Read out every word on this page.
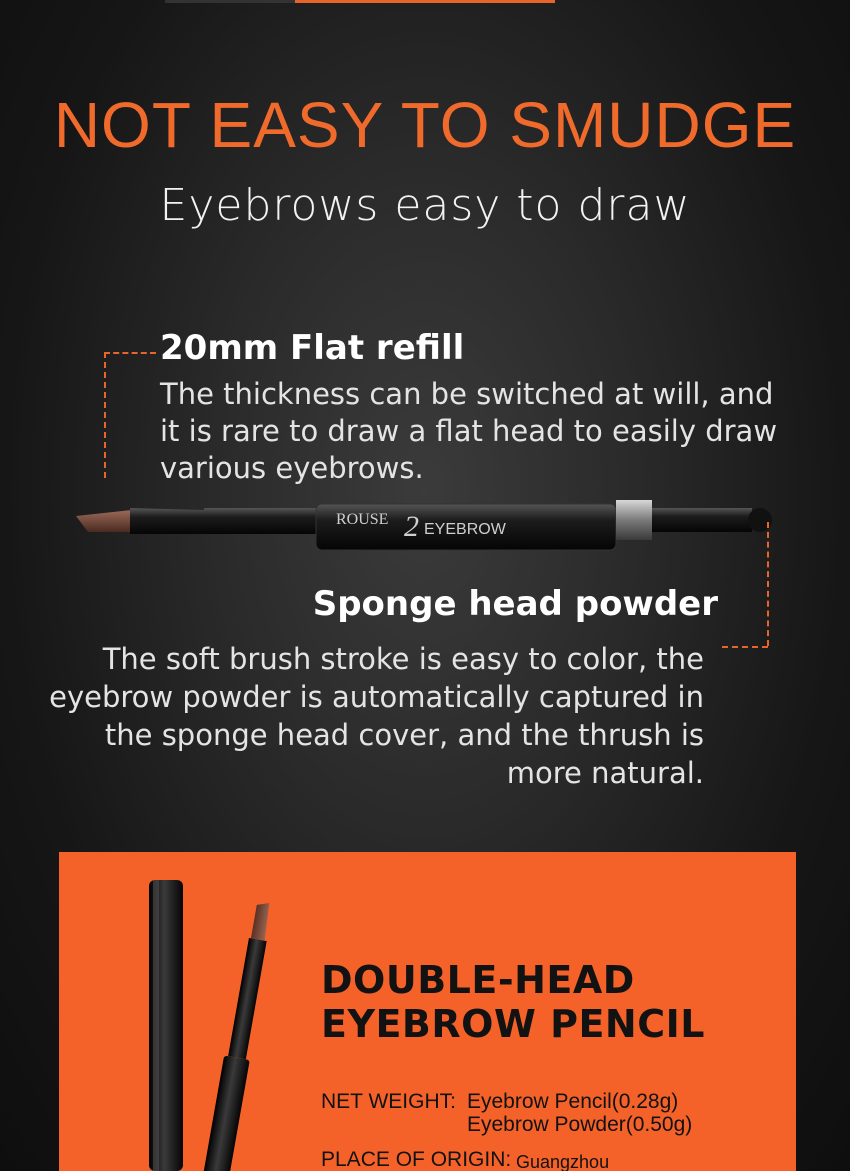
NOT EASY TO SMUDGE
Eyebrows easy to draw
20mm Flat refill
The thickness can be switched at will, and it is rare to draw a flat head to easily draw various eyebrows.
ROUSE 2 EYEBROW
Sponge head powder
The soft brush stroke is easy to color, the eyebrow powder is automatically captured in the sponge head cover, and the thrush is more natural.
DOUBLE-HEAD
EYEBROW PENCIL
NET WEIGHT: Eyebrow Pencil(0.28g)
Eyebrow Powder(0.50g)
PLACE OF ORIGIN: Guangzhou
